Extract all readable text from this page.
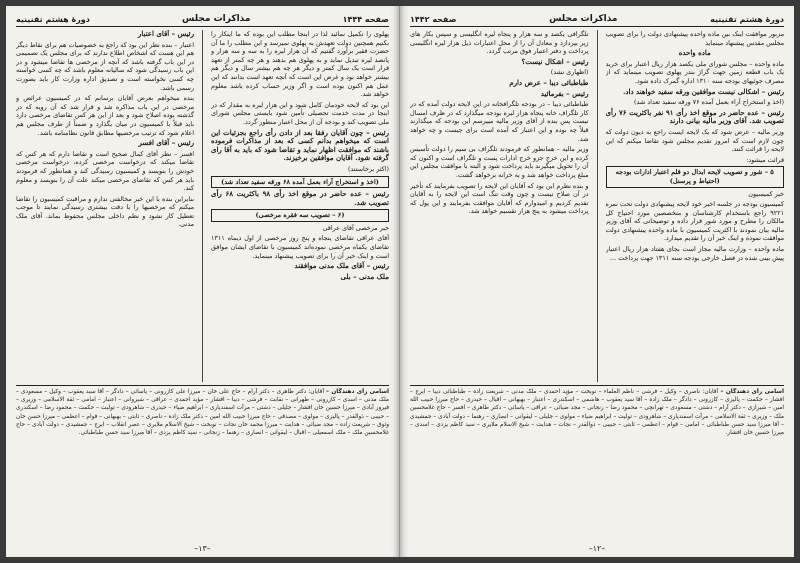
صفحه ۱۴۴۴
مذاکرات مجلس
دورهٔ هشتم تقنینیه

پهلوی را تکمیل نمائید لذا در اینجا مطلب این بوده که ما اینکار را بکنیم همچنین دولت تعهدش به پهلوی نمیرسد و این مطلب را ما آن حضرت فقیر برآورد گفتیم که آن هزار لیره را به سه و سه هزار و پانصد لیره تبدیل نماید و به پهلوی هم بدهند و هر چه کمتر از تعهد قرار است یک سال کمتر و دیگر هر چه هم بیشتر سال و دیگر هم بیشتر خواهد بود و غرض این است که آنچه تعهد است بدانند که این عمل هم اکنون بوده است و اگر وزیر حساب کرده باشد معلوم خواهد شد.

این بود که لایحه خودمان کامل شود و این هزار لیره به مقدار که در اینجا در مدت خدمت تحصیلی تأمین شود بایستی مجلس شورای ملی تصویب کند و بودجه آن از محل اعتبار منظور گردد.

رئیس – چون آقایان رفقا بعد از دادن رأی راجع بجزئیات این است که میخواهم بدانم کسی که بعد از مذاکرات فرموده باشند که موافقت اظهار نماید و تقاضا شود که باید به آقا رای گرفته شود. آقایان موافقین برخیزند.

(اکثر برخاستند)

(اخذ و استخراج آراء بعمل آمده ۶۸ ورقه سفید تعداد شد)

رئیس – عده حاضر در موقع اخذ رأی ۹۸ باکثریت ۶۸ رأی تصویب شد.

(۶ – تصویب سه فقره مرخصی)

خبر مرخصی آقای عراقی

آقای عراقی تقاضای پنجاه و پنج روز مرخصی از اول دیماه ۱۳۱۱ تقاضای یکماه مرخصی نموده‌اند کمیسیون با تقاضای ایشان موافق است و اینک خبر آن را برای تصویب پیشنهاد مینماید.

رئیس – آقای ملک مدنی موافقند

ملک مدنی – بلی

رئیس – آقای اعتبار

اعتبار – بنده نظر این بود که راجع به خصوصیات هم برای نقاط دیگر هم این هست که اشخاص اطلاع ندارند که برای مجلس یک تصمیمی در این باب گرفته باشد که آنچه از مرخصی ها تقاضا میشود و در این باب رسیدگی شود که سالیانه معلوم باشد که چه کسی خواسته چه کسی نخواسته است و تصدیق اداره وزارت کار باید بصورت رسمی باشد.

بنده میخواهم بعرض آقایان برسانم که در کمیسیون عرائض و مرخصی در این باب مذاکره شد و قرار شد که آن رویه که در گذشته بوده اصلاح شود و بعد از این هر کس تقاضای مرخصی دارد باید قبلاً با کمیسیون در میان بگذارد و ضمناً از طرف مجلس هم اعلام شود که ترتیب مرخصیها مطابق قانون نظامنامه باشد.

رئیس – آقای افسر

افسر – نظر آقای کمال صحیح است و تقاضا دارم که هر کس که تقاضا میکند که درخواست مرخصی کرده، درخواست مرخصی خودش را بنویسد و کمیسیون رسیدگی کند و همانطور که فرمودند باید هر کس که تقاضای مرخصی میکند علت آن را بنویسد و معلوم کند.

بنابراین بنده با این خبر مخالفتی ندارم و مراقبت کمیسیون را تقاضا میکنم که مرخصیها را با دقت بیشتری رسیدگی نمایند تا موجب تعطیل کار نشود و نظم داخلی مجلس محفوظ بماند. آقای ملک مدنی.

اسامی رأی دهندگان – آقایان: دکتر طاهری – دکتر آرام – حاج علی خان – میرزا علی کازرونی – یاسائی – دادگر – آقا سید یعقوب – وکیل – مسعودی – ملک مدنی – اسدی – کازرونی – طهرانی – نقابت – فرشی – دیبا – افشار – مؤید احمدی – عراقی – شیروانی – اعتبار – امامی – ثقة الاسلامی – وزیری – فیروز آبادی – میرزا حسین خان افشار – جلیلی – دشتی – مرآت اسفندیاری – ابراهیم ضیاء – حیدری – شاهرودی – تولیت – حکمت – محمود رضا – اسکندری – حبیبی – ذوالقدر – پالیزی – مولوی – مصدقی – حاج میرزا حبیب الله امین – دکتر ملک زاده – ناصری – ثابتی – بهبهانی – قوام – اعظمی – میرزا حسن خان وثوق – شریعت زاده – مجد ضیائی – هدایت – میرزا محمد خان نجات – نوبخت – شیخ الاسلام ملایری – عصر انقلاب – ایرج – جمشیدی – دولت آبادی – حاج غلامحسین ملک – ملک اسمعیلی – اقبال – لیقوانی – انصاری – رهنما – زنجانی – سید کاظم یزدی – آقا میرزا سید حسن طباطبائی.
–۱۳–
دورهٔ هشتم تقنینیه
مذاکرات مجلس
صفحه ۱۴۴۲

مزبور موافقت اینک بین ماده واحده پیشنهادی دولت را برای تصویب مجلس مقدس پیشنهاد مینماید

ماده واحده

ماده واحده – مجلس شورای ملی یکصد هزار ریال اعتبار برای خرید یک باب قطعه زمین جهت گراژ بندر پهلوی تصویب مینماید که از مصرف جوئیهای بودجه سنه ۱۳۱۰ اداره گمرک داده شود.

رئیس – اشکالی نیست موافقین ورقه سفید خواهند داد.

(اخذ و استخراج آراء بعمل آمده ۷۶ ورقه سفید تعداد شد)

رئیس – عده حاضر در موقع اخذ رأی ۹۱ نفر باکثریت ۷۶ رأی تصویب شد. آقای وزیر مالیه بیانی دارند

وزیر مالیه – عرض شود که یک لایحه ایست راجع به دیون دولت که چون لازم است که امروز تقدیم مجلس شود تقاضا میکنم که این لایحه را قرائت کنند.

قرائت میشود:

۵ – شور و تصویب لایحه ابدال دو قلم اعتبار ادارات بودجه (احتیاط و پرسنل)

خبر کمیسیون

کمیسیون بودجه در جلسه اخیر خود لایحه پیشنهادی دولت تحت نمره ۹۲۲۱ راجع باستخدام کارشناسان و متخصصین مورد احتیاج کل مالکان را مطرح و مورد شور قرار داده و توضیحاتی که آقای وزیر مالیه بیان نمودند با اکثریت کمیسیون با ماده واحده پیشنهادی دولت موافقت نموده و اینک خبر آن را تقدیم میدارد.

ماده واحده – وزارت مالیه مجاز است بجای هفتاد هزار ریال اعتبار پیش بینی شده در فصل خارجی بودجه سنه ۱۳۱۱ جهت پرداخت ...

تلگرافی یکصد و سه هزار و پنجاه لیره انگلیسی و سپس بکار های زیر بپردازد و معادل آن را از محل اعتبارات ذیل هزار لیره انگلیسی پرداخت و دفتر اعتبار فوق مرتب گردد.

رئیس – اشکال نیست؟

(اظهاری نشد)

طباطبائی دیبا – عرض دارم

رئیس – بفرمائید

طباطبائی دیبا – در بودجه تلگرافخانه در این لایحه دولت آمده که در کار تلگراف خانه پنجاه هزار لیره بودجه میگذارد که در ظرف امسال نیست پس بنده از آقای وزیر مالیه میپرسم این بودجه که میگذارند قبلاً چه بوده و این اعتبار که آمده است برای چیست و چه خواهد شد.

وزیر مالیه – همانطور که فرمودند تلگراف بی سیم را دولت تأسیس کرده و این خرج جزو خرج ادارات پست و تلگراف است و اکنون که آن را تحویل میگیرند باید پرداخت شود و البته با موافقت مجلس این مبلغ پرداخت خواهد شد و به خزانه برخواهد گشت.

و بنده نظرم این بود که آقایان این لایحه را تصویب بفرمایند که تأخیر در آن صلاح نیست و چون وقت تنگ است این لایحه را به آقایان تقدیم کردیم و امیدوارم که آقایان موافقت بفرمایند و این پول که پرداخت میشود به پنج هزار تقسیم خواهد شد.

اسامی رأی دهندگان – آقایان: ناصری – وکیل – فرشی – ناظم العلماء – نوبخت – مؤید احمدی – ملک مدنی – شریعت زاده – طباطبائی دیبا – ایرج – افشار – حکمت – پالیزی – کازرونی – دادگر – ملک زاده – آقا سید یعقوب – هاشمی – اسکندری – اعتبار – بهبهانی – اقبال – حیدری – حاج میرزا حبیب الله امین – شیرازی – دکتر آرام – دشتی – مسعودی – تهرانچی – محمود رضا – زنجانی – مجد ضیائی – عراقی – یاسائی – دکتر طاهری – افسر – حاج غلامحسین ملک – وزیری – ثقة الاسلامی – مرآت اسفندیاری – شاهرودی – تولیت – ابراهیم ضیاء – مولوی – جلیلی – لیقوانی – انصاری – رهنما – دولت آبادی – جمشیدی – آقا میرزا سید حسن طباطبائی – امامی – قوام – اعظمی – ثابتی – حبیبی – ذوالقدر – نجات – هدایت – شیخ الاسلام ملایری – سید کاظم یزدی – اسدی – میرزا حسین خان افشار.
–۱۲–
